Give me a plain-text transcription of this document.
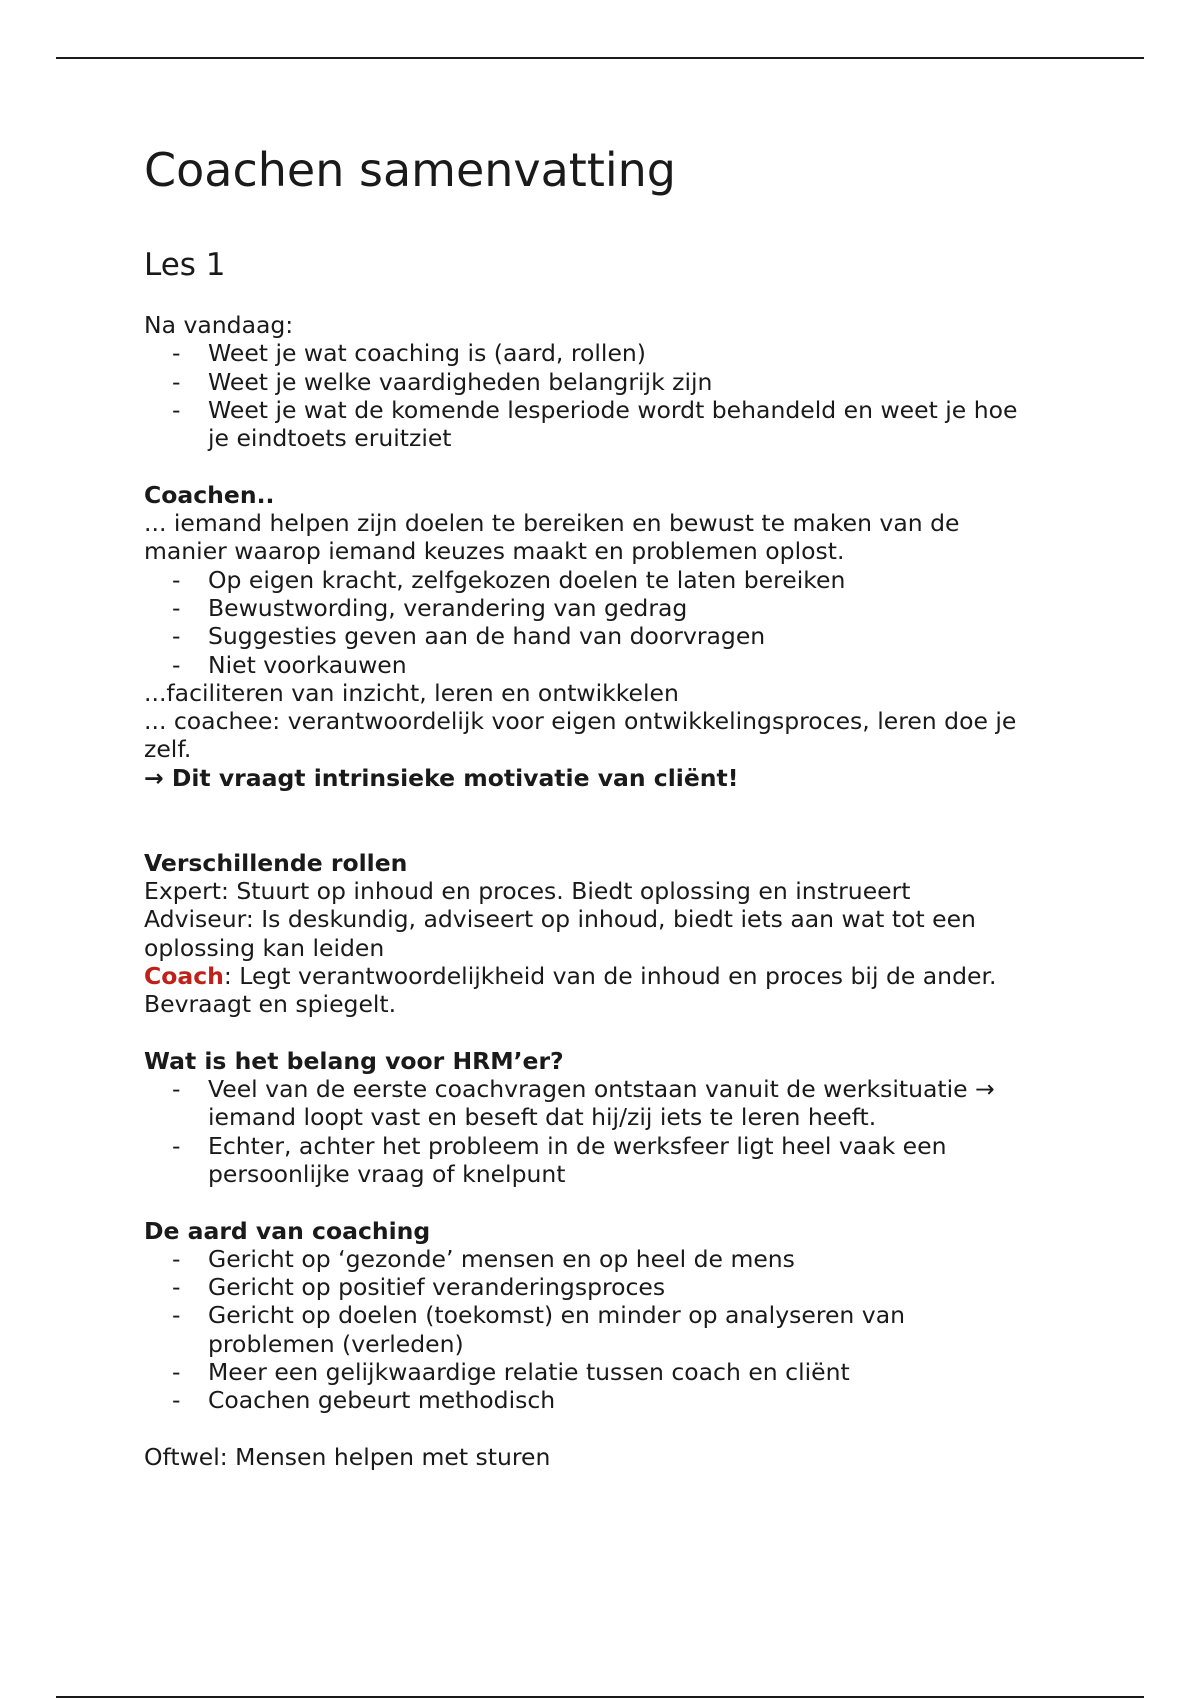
Coachen samenvatting
Les 1
Na vandaag:
- Weet je wat coaching is (aard, rollen)
- Weet je welke vaardigheden belangrijk zijn
- Weet je wat de komende lesperiode wordt behandeld en weet je hoe
je eindtoets eruitziet
Coachen..
... iemand helpen zijn doelen te bereiken en bewust te maken van de
manier waarop iemand keuzes maakt en problemen oplost.
- Op eigen kracht, zelfgekozen doelen te laten bereiken
- Bewustwording, verandering van gedrag
- Suggesties geven aan de hand van doorvragen
- Niet voorkauwen
...faciliteren van inzicht, leren en ontwikkelen
... coachee: verantwoordelijk voor eigen ontwikkelingsproces, leren doe je
zelf.
→ Dit vraagt intrinsieke motivatie van cliënt!
Verschillende rollen
Expert: Stuurt op inhoud en proces. Biedt oplossing en instrueert
Adviseur: Is deskundig, adviseert op inhoud, biedt iets aan wat tot een
oplossing kan leiden
Coach: Legt verantwoordelijkheid van de inhoud en proces bij de ander.
Bevraagt en spiegelt.
Wat is het belang voor HRM’er?
- Veel van de eerste coachvragen ontstaan vanuit de werksituatie →
iemand loopt vast en beseft dat hij/zij iets te leren heeft.
- Echter, achter het probleem in de werksfeer ligt heel vaak een
persoonlijke vraag of knelpunt
De aard van coaching
- Gericht op ‘gezonde’ mensen en op heel de mens
- Gericht op positief veranderingsproces
- Gericht op doelen (toekomst) en minder op analyseren van
problemen (verleden)
- Meer een gelijkwaardige relatie tussen coach en cliënt
- Coachen gebeurt methodisch
Oftwel: Mensen helpen met sturen
